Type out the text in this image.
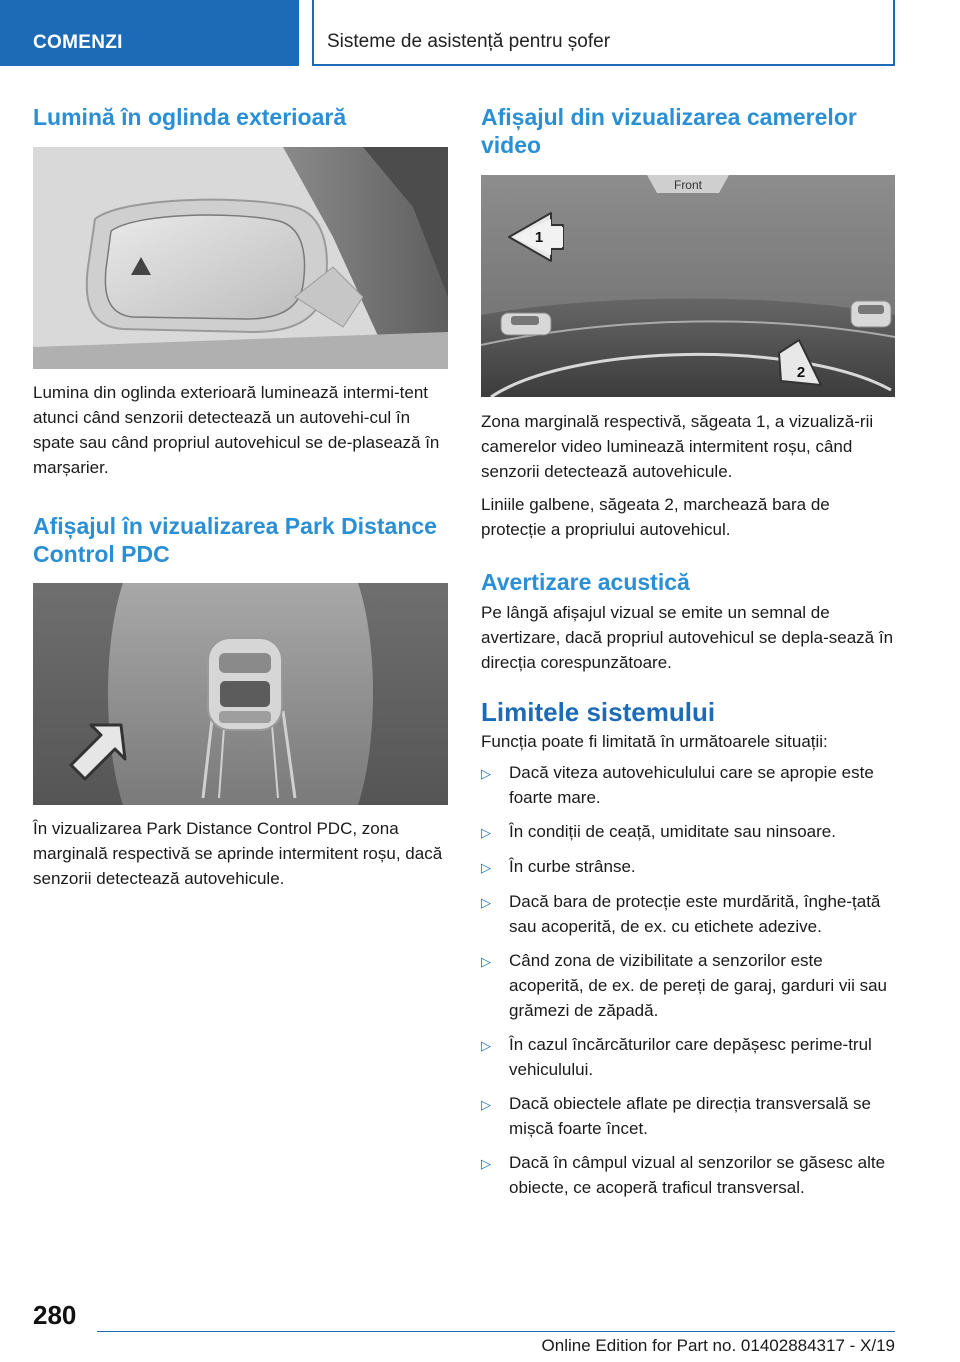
COMENZI	Sisteme de asistență pentru șofer
Lumină în oglinda exterioară

Lumina din oglinda exterioară luminează intermi-tent atunci când senzorii detectează un autovehi-cul în spate sau când propriul autovehicul se de-plasează în marșarier.

Afișajul în vizualizarea Park Distance Control PDC

În vizualizarea Park Distance Control PDC, zona marginală respectivă se aprinde intermitent roșu, dacă senzorii detectează autovehicule.

Afișajul din vizualizarea camerelor video
Front
1
2

Zona marginală respectivă, săgeata 1, a vizualiză-rii camerelor video luminează intermitent roșu, când senzorii detectează autovehicule.

Liniile galbene, săgeata 2, marchează bara de protecție a propriului autovehicul.

Avertizare acustică

Pe lângă afișajul vizual se emite un semnal de avertizare, dacă propriul autovehicul se depla-sează în direcția corespunzătoare.

Limitele sistemului

Funcția poate fi limitată în următoarele situații:

▷	Dacă viteza autovehiculului care se apropie este foarte mare.
▷	În condiții de ceață, umiditate sau ninsoare.
▷	În curbe strânse.
▷	Dacă bara de protecție este murdărită, înghe-țată sau acoperită, de ex. cu etichete adezive.
▷	Când zona de vizibilitate a senzorilor este acoperită, de ex. de pereți de garaj, garduri vii sau grămezi de zăpadă.
▷	În cazul încărcăturilor care depășesc perime-trul vehiculului.
▷	Dacă obiectele aflate pe direcția transversală se mișcă foarte încet.
▷	Dacă în câmpul vizual al senzorilor se găsesc alte obiecte, ce acoperă traficul transversal.
280
Online Edition for Part no. 01402884317 - X/19
